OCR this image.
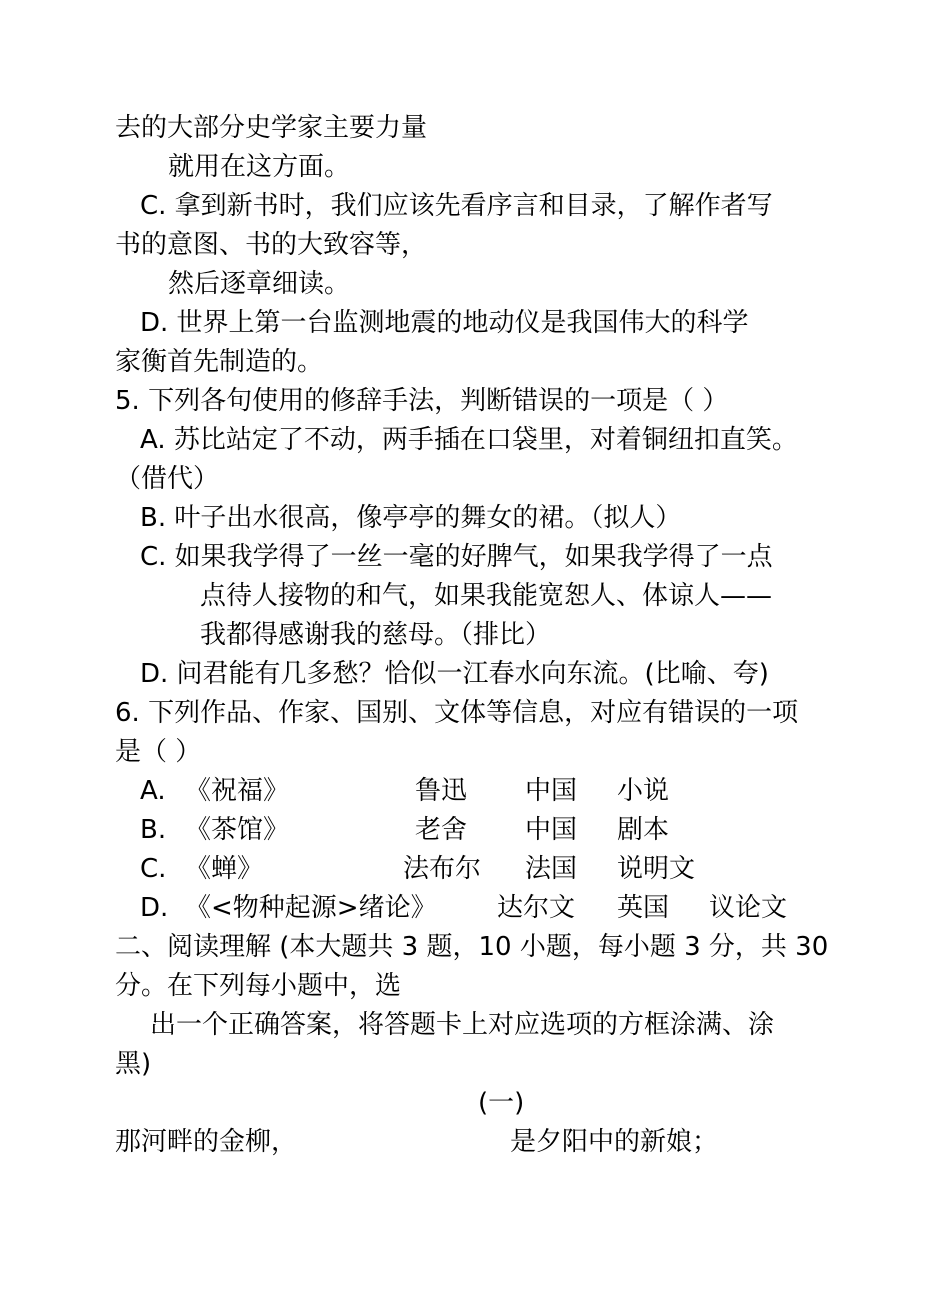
去的大部分史学家主要力量
就用在这方面。
C. 拿到新书时，我们应该先看序言和目录，了解作者写
书的意图、书的大致容等，
然后逐章细读。
D. 世界上第一台监测地震的地动仪是我国伟大的科学
家衡首先制造的。
5. 下列各句使用的修辞手法，判断错误的一项是（ ）
A. 苏比站定了不动，两手插在口袋里，对着铜纽扣直笑。
（借代）
B. 叶子出水很高，像亭亭的舞女的裙。（拟人）
C. 如果我学得了一丝一毫的好脾气，如果我学得了一点
点待人接物的和气，如果我能宽恕人、体谅人——
我都得感谢我的慈母。（排比）
D. 问君能有几多愁？恰似一江春水向东流。(比喻、夸)
6. 下列作品、作家、国别、文体等信息，对应有错误的一项
是（ ）
A. 《祝福》	鲁迅 中国 小说
B. 《茶馆》	老舍 中国 剧本
C. 《蝉》	法布尔 法国 说明文
D. 《<物种起源>绪论》 达尔文 英国 议论文
二、阅读理解 (本大题共 3 题，10 小题，每小题 3 分，共 30
分。在下列每小题中，选
出一个正确答案，将答题卡上对应选项的方框涂满、涂
黑)
(一)
那河畔的金柳，	是夕阳中的新娘；
